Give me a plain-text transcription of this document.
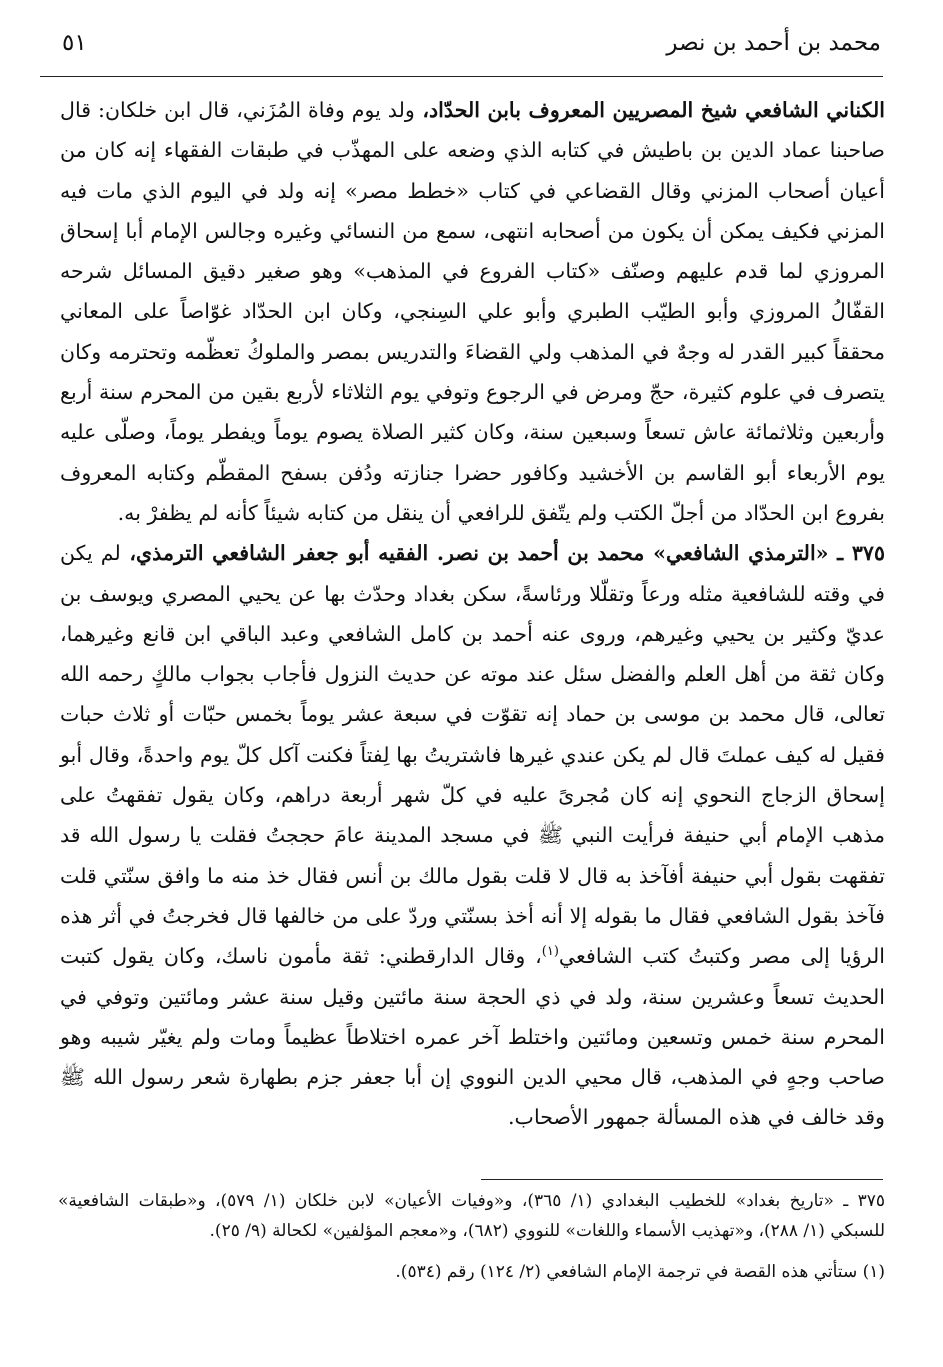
محمد بن أحمد بن نصر
٥١

الكناني الشافعي شيخ المصريين المعروف بابن الحدّاد، ولد يوم وفاة المُزَني، قال ابن خلكان: قال صاحبنا عماد الدين بن باطيش في كتابه الذي وضعه على المهذّب في طبقات الفقهاء إنه كان من أعيان أصحاب المزني وقال القضاعي في كتاب «خطط مصر» إنه ولد في اليوم الذي مات فيه المزني فكيف يمكن أن يكون من أصحابه انتهى، سمع من النسائي وغيره وجالس الإمام أبا إسحاق المروزي لما قدم عليهم وصنّف «كتاب الفروع في المذهب» وهو صغير دقيق المسائل شرحه القفّالُ المروزي وأبو الطيّب الطبري وأبو علي السِنجي، وكان ابن الحدّاد غوّاصاً على المعاني محققاً كبير القدر له وجهٌ في المذهب ولي القضاءَ والتدريس بمصر والملوكُ تعظّمه وتحترمه وكان يتصرف في علوم كثيرة، حجّ ومرض في الرجوع وتوفي يوم الثلاثاء لأربع بقين من المحرم سنة أربع وأربعين وثلاثمائة عاش تسعاً وسبعين سنة، وكان كثير الصلاة يصوم يوماً ويفطر يوماً، وصلّى عليه يوم الأربعاء أبو القاسم بن الأخشيد وكافور حضرا جنازته ودُفن بسفح المقطّم وكتابه المعروف بفروع ابن الحدّاد من أجلّ الكتب ولم يتّفق للرافعي أن ينقل من كتابه شيئاً كأنه لم يظفرْ به.

٣٧٥ ـ «الترمذي الشافعي» محمد بن أحمد بن نصر. الفقيه أبو جعفر الشافعي الترمذي، لم يكن في وقته للشافعية مثله ورعاً وتقلّلا ورئاسةً، سكن بغداد وحدّث بها عن يحيي المصري ويوسف بن عديّ وكثير بن يحيي وغيرهم، وروى عنه أحمد بن كامل الشافعي وعبد الباقي ابن قانع وغيرهما، وكان ثقة من أهل العلم والفضل سئل عند موته عن حديث النزول فأجاب بجواب مالكٍ رحمه الله تعالى، قال محمد بن موسى بن حماد إنه تقوّت في سبعة عشر يوماً بخمس حبّات أو ثلاث حبات فقيل له كيف عملتَ قال لم يكن عندي غيرها فاشتريتُ بها لِفتاً فكنت آكل كلّ يوم واحدةً، وقال أبو إسحاق الزجاج النحوي إنه كان مُجرىً عليه في كلّ شهر أربعة دراهم، وكان يقول تفقهتُ على مذهب الإمام أبي حنيفة فرأيت النبي ﷺ في مسجد المدينة عامَ حججتُ فقلت يا رسول الله قد تفقهت بقول أبي حنيفة أفآخذ به قال لا قلت بقول مالك بن أنس فقال خذ منه ما وافق سنّتي قلت فآخذ بقول الشافعي فقال ما بقوله إلا أنه أخذ بسنّتي وردّ على من خالفها قال فخرجتُ في أثر هذه الرؤيا إلى مصر وكتبتُ كتب الشافعي$^{(١)}$، وقال الدارقطني: ثقة مأمون ناسك، وكان يقول كتبت الحديث تسعاً وعشرين سنة، ولد في ذي الحجة سنة مائتين وقيل سنة عشر ومائتين وتوفي في المحرم سنة خمس وتسعين ومائتين واختلط آخر عمره اختلاطاً عظيماً ومات ولم يغيّر شيبه وهو صاحب وجهٍ في المذهب، قال محيي الدين النووي إن أبا جعفر جزم بطهارة شعر رسول الله ﷺ وقد خالف في هذه المسألة جمهور الأصحاب.

٣٧٥ ـ «تاريخ بغداد» للخطيب البغدادي (١/ ٣٦٥)، و«وفيات الأعيان» لابن خلكان (١/ ٥٧٩)، و«طبقات الشافعية» للسبكي (١/ ٢٨٨)، و«تهذيب الأسماء واللغات» للنووي (٦٨٢)، و«معجم المؤلفين» لكحالة (٩/ ٢٥).

(١) ستأتي هذه القصة في ترجمة الإمام الشافعي (٢/ ١٢٤) رقم (٥٣٤).
